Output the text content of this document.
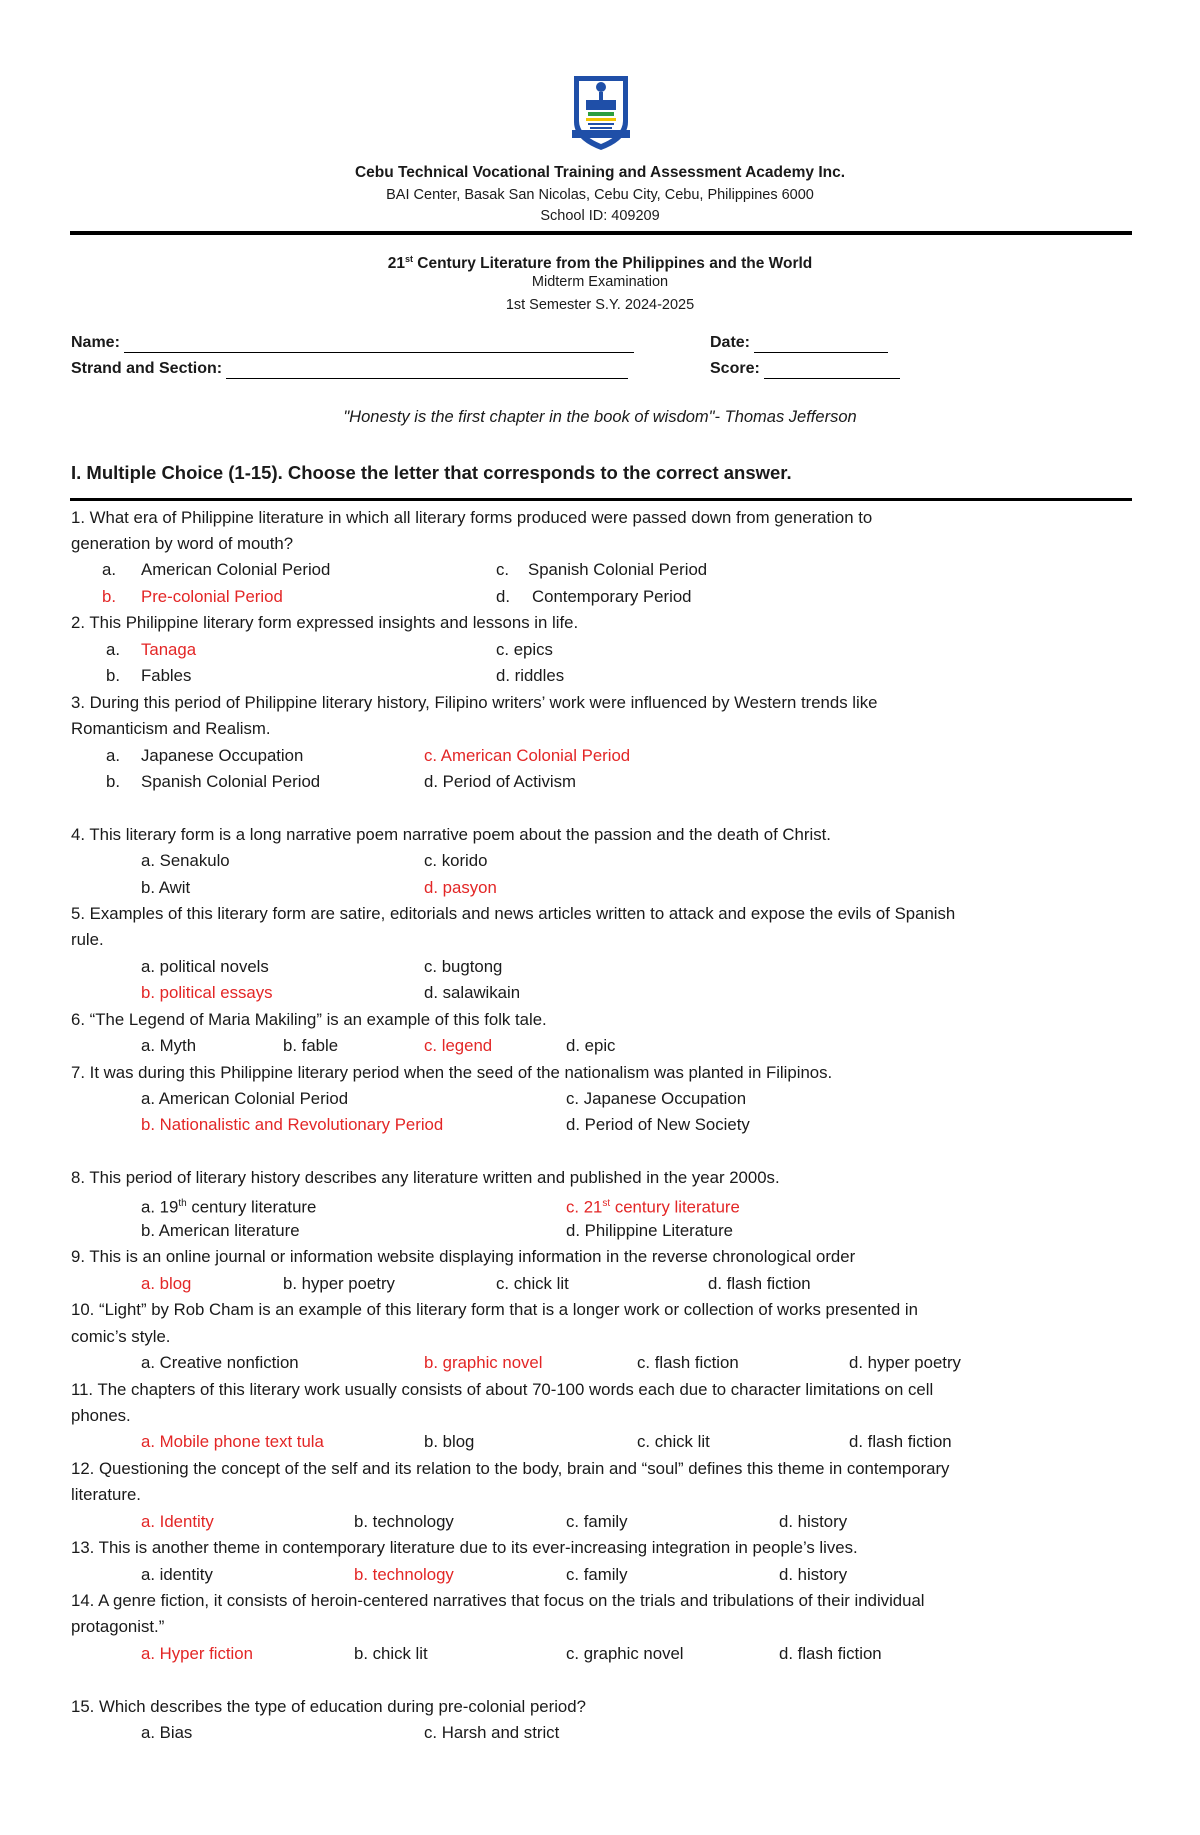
Cebu Technical Vocational Training and Assessment Academy Inc.
BAI Center, Basak San Nicolas, Cebu City, Cebu, Philippines 6000
School ID: 409209
21st Century Literature from the Philippines and the World
Midterm Examination
1st Semester S.Y. 2024-2025
Name:	Date:
Strand and Section:	Score:
"Honesty is the first chapter in the book of wisdom"- Thomas Jefferson
I. Multiple Choice (1-15). Choose the letter that corresponds to the correct answer.
1. What era of Philippine literature in which all literary forms produced were passed down from generation to
generation by word of mouth?
a. American Colonial Period	c. Spanish Colonial Period
b. Pre-colonial Period	d. Contemporary Period
2. This Philippine literary form expressed insights and lessons in life.
a. Tanaga	c. epics
b. Fables	d. riddles
3. During this period of Philippine literary history, Filipino writers’ work were influenced by Western trends like
Romanticism and Realism.
a. Japanese Occupation	c. American Colonial Period
b. Spanish Colonial Period	d. Period of Activism
4. This literary form is a long narrative poem narrative poem about the passion and the death of Christ.
a. Senakulo	c. korido
b. Awit	d. pasyon
5. Examples of this literary form are satire, editorials and news articles written to attack and expose the evils of Spanish
rule.
a. political novels	c. bugtong
b. political essays	d. salawikain
6. “The Legend of Maria Makiling” is an example of this folk tale.
a. Myth	b. fable	c. legend	d. epic
7. It was during this Philippine literary period when the seed of the nationalism was planted in Filipinos.
a. American Colonial Period	c. Japanese Occupation
b. Nationalistic and Revolutionary Period	d. Period of New Society
8. This period of literary history describes any literature written and published in the year 2000s.
a. 19th century literature	c. 21st century literature
b. American literature	d. Philippine Literature
9. This is an online journal or information website displaying information in the reverse chronological order
a. blog	b. hyper poetry	c. chick lit	d. flash fiction
10. “Light” by Rob Cham is an example of this literary form that is a longer work or collection of works presented in
comic’s style.
a. Creative nonfiction	b. graphic novel	c. flash fiction	d. hyper poetry
11. The chapters of this literary work usually consists of about 70-100 words each due to character limitations on cell
phones.
a. Mobile phone text tula	b. blog	c. chick lit	d. flash fiction
12. Questioning the concept of the self and its relation to the body, brain and “soul” defines this theme in contemporary
literature.
a. Identity	b. technology	c. family	d. history
13. This is another theme in contemporary literature due to its ever-increasing integration in people’s lives.
a. identity	b. technology	c. family	d. history
14. A genre fiction, it consists of heroin-centered narratives that focus on the trials and tribulations of their individual
protagonist.”
a. Hyper fiction	b. chick lit	c. graphic novel	d. flash fiction
15. Which describes the type of education during pre-colonial period?
a. Bias	c. Harsh and strict
